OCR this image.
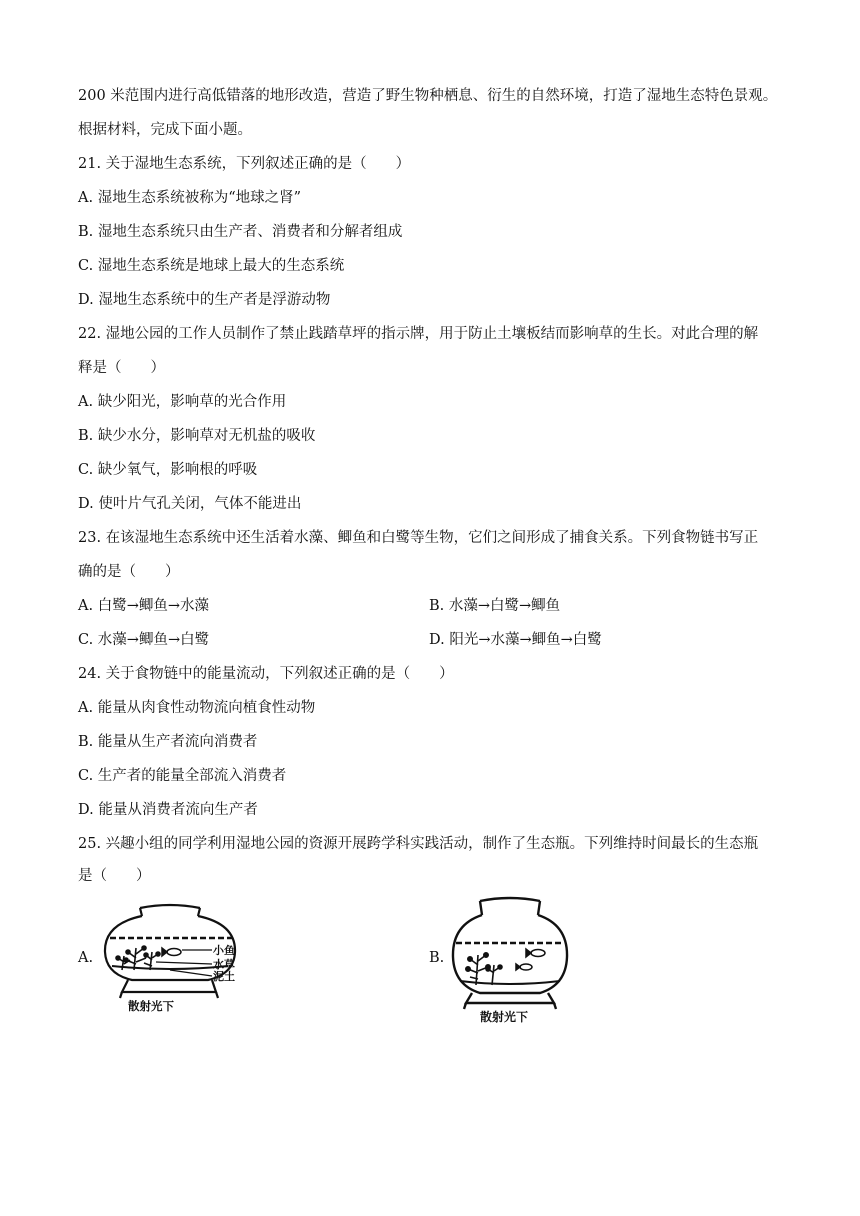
200 米范围内进行高低错落的地形改造，营造了野生物种栖息、衍生的自然环境，打造了湿地生态特色景观。
根据材料，完成下面小题。
21. 关于湿地生态系统，下列叙述正确的是（　　）
A. 湿地生态系统被称为“地球之肾”
B. 湿地生态系统只由生产者、消费者和分解者组成
C. 湿地生态系统是地球上最大的生态系统
D. 湿地生态系统中的生产者是浮游动物
22. 湿地公园的工作人员制作了禁止践踏草坪的指示牌，用于防止土壤板结而影响草的生长。对此合理的解
释是（　　）
A. 缺少阳光，影响草的光合作用
B. 缺少水分，影响草对无机盐的吸收
C. 缺少氧气，影响根的呼吸
D. 使叶片气孔关闭，气体不能进出
23. 在该湿地生态系统中还生活着水藻、鲫鱼和白鹭等生物，它们之间形成了捕食关系。下列食物链书写正
确的是（　　）
A. 白鹭→鲫鱼→水藻	B. 水藻→白鹭→鲫鱼
C. 水藻→鲫鱼→白鹭	D. 阳光→水藻→鲫鱼→白鹭
24. 关于食物链中的能量流动，下列叙述正确的是（　　）
A. 能量从肉食性动物流向植食性动物
B. 能量从生产者流向消费者
C. 生产者的能量全部流入消费者
D. 能量从消费者流向生产者
25. 兴趣小组的同学利用湿地公园的资源开展跨学科实践活动，制作了生态瓶。下列维持时间最长的生态瓶
是（　　）
A.	小鱼
水草
泥土
散射光下
B.
散射光下
